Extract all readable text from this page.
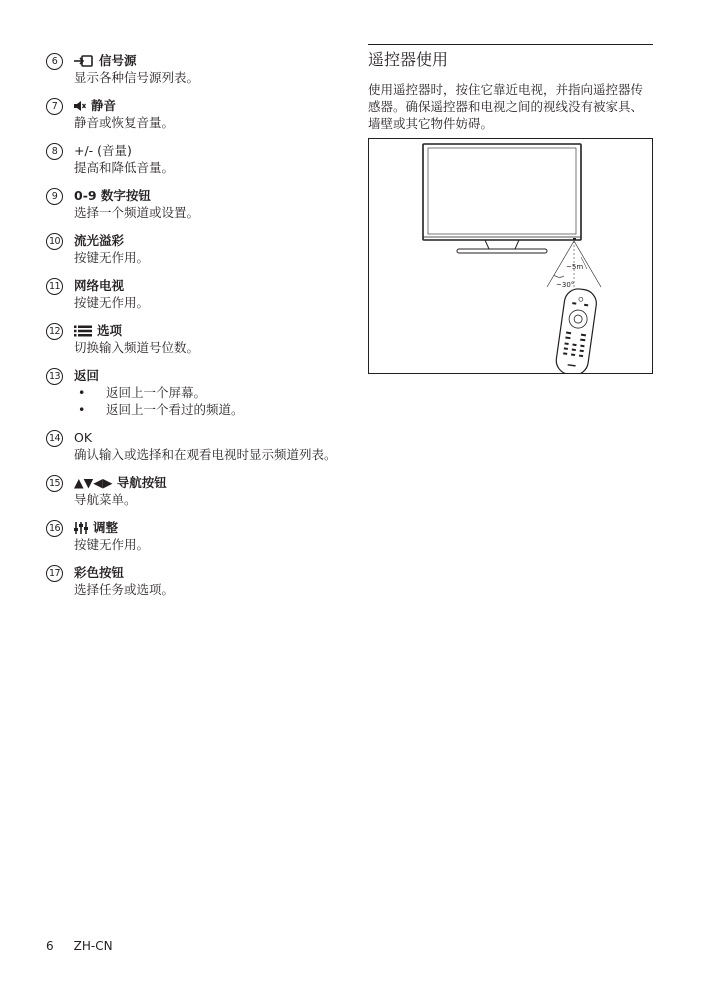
6	信号源
显示各种信号源列表。
7	静音
静音或恢复音量。
8	+/- (音量)
提高和降低音量。
9	0-9 数字按钮
选择一个频道或设置。
10 流光溢彩
按键无作用。
11 网络电视
按键无作用。
12	选项
切换输入频道号位数。
13 返回
• 返回上一个屏幕。
• 返回上一个看过的频道。
14 OK
确认输入或选择和在观看电视时显示频道列表。
15 ▲▼◀▶ 导航按钮
导航菜单。
16	调整
按键无作用。
17 彩色按钮
选择任务或选项。
遥控器使用
使用遥控器时，按住它靠近电视，并指向遥控器传感器。确保遥控器和电视之间的视线没有被家具、墙壁或其它物件妨碍。
~5m
~30°
6 ZH-CN
